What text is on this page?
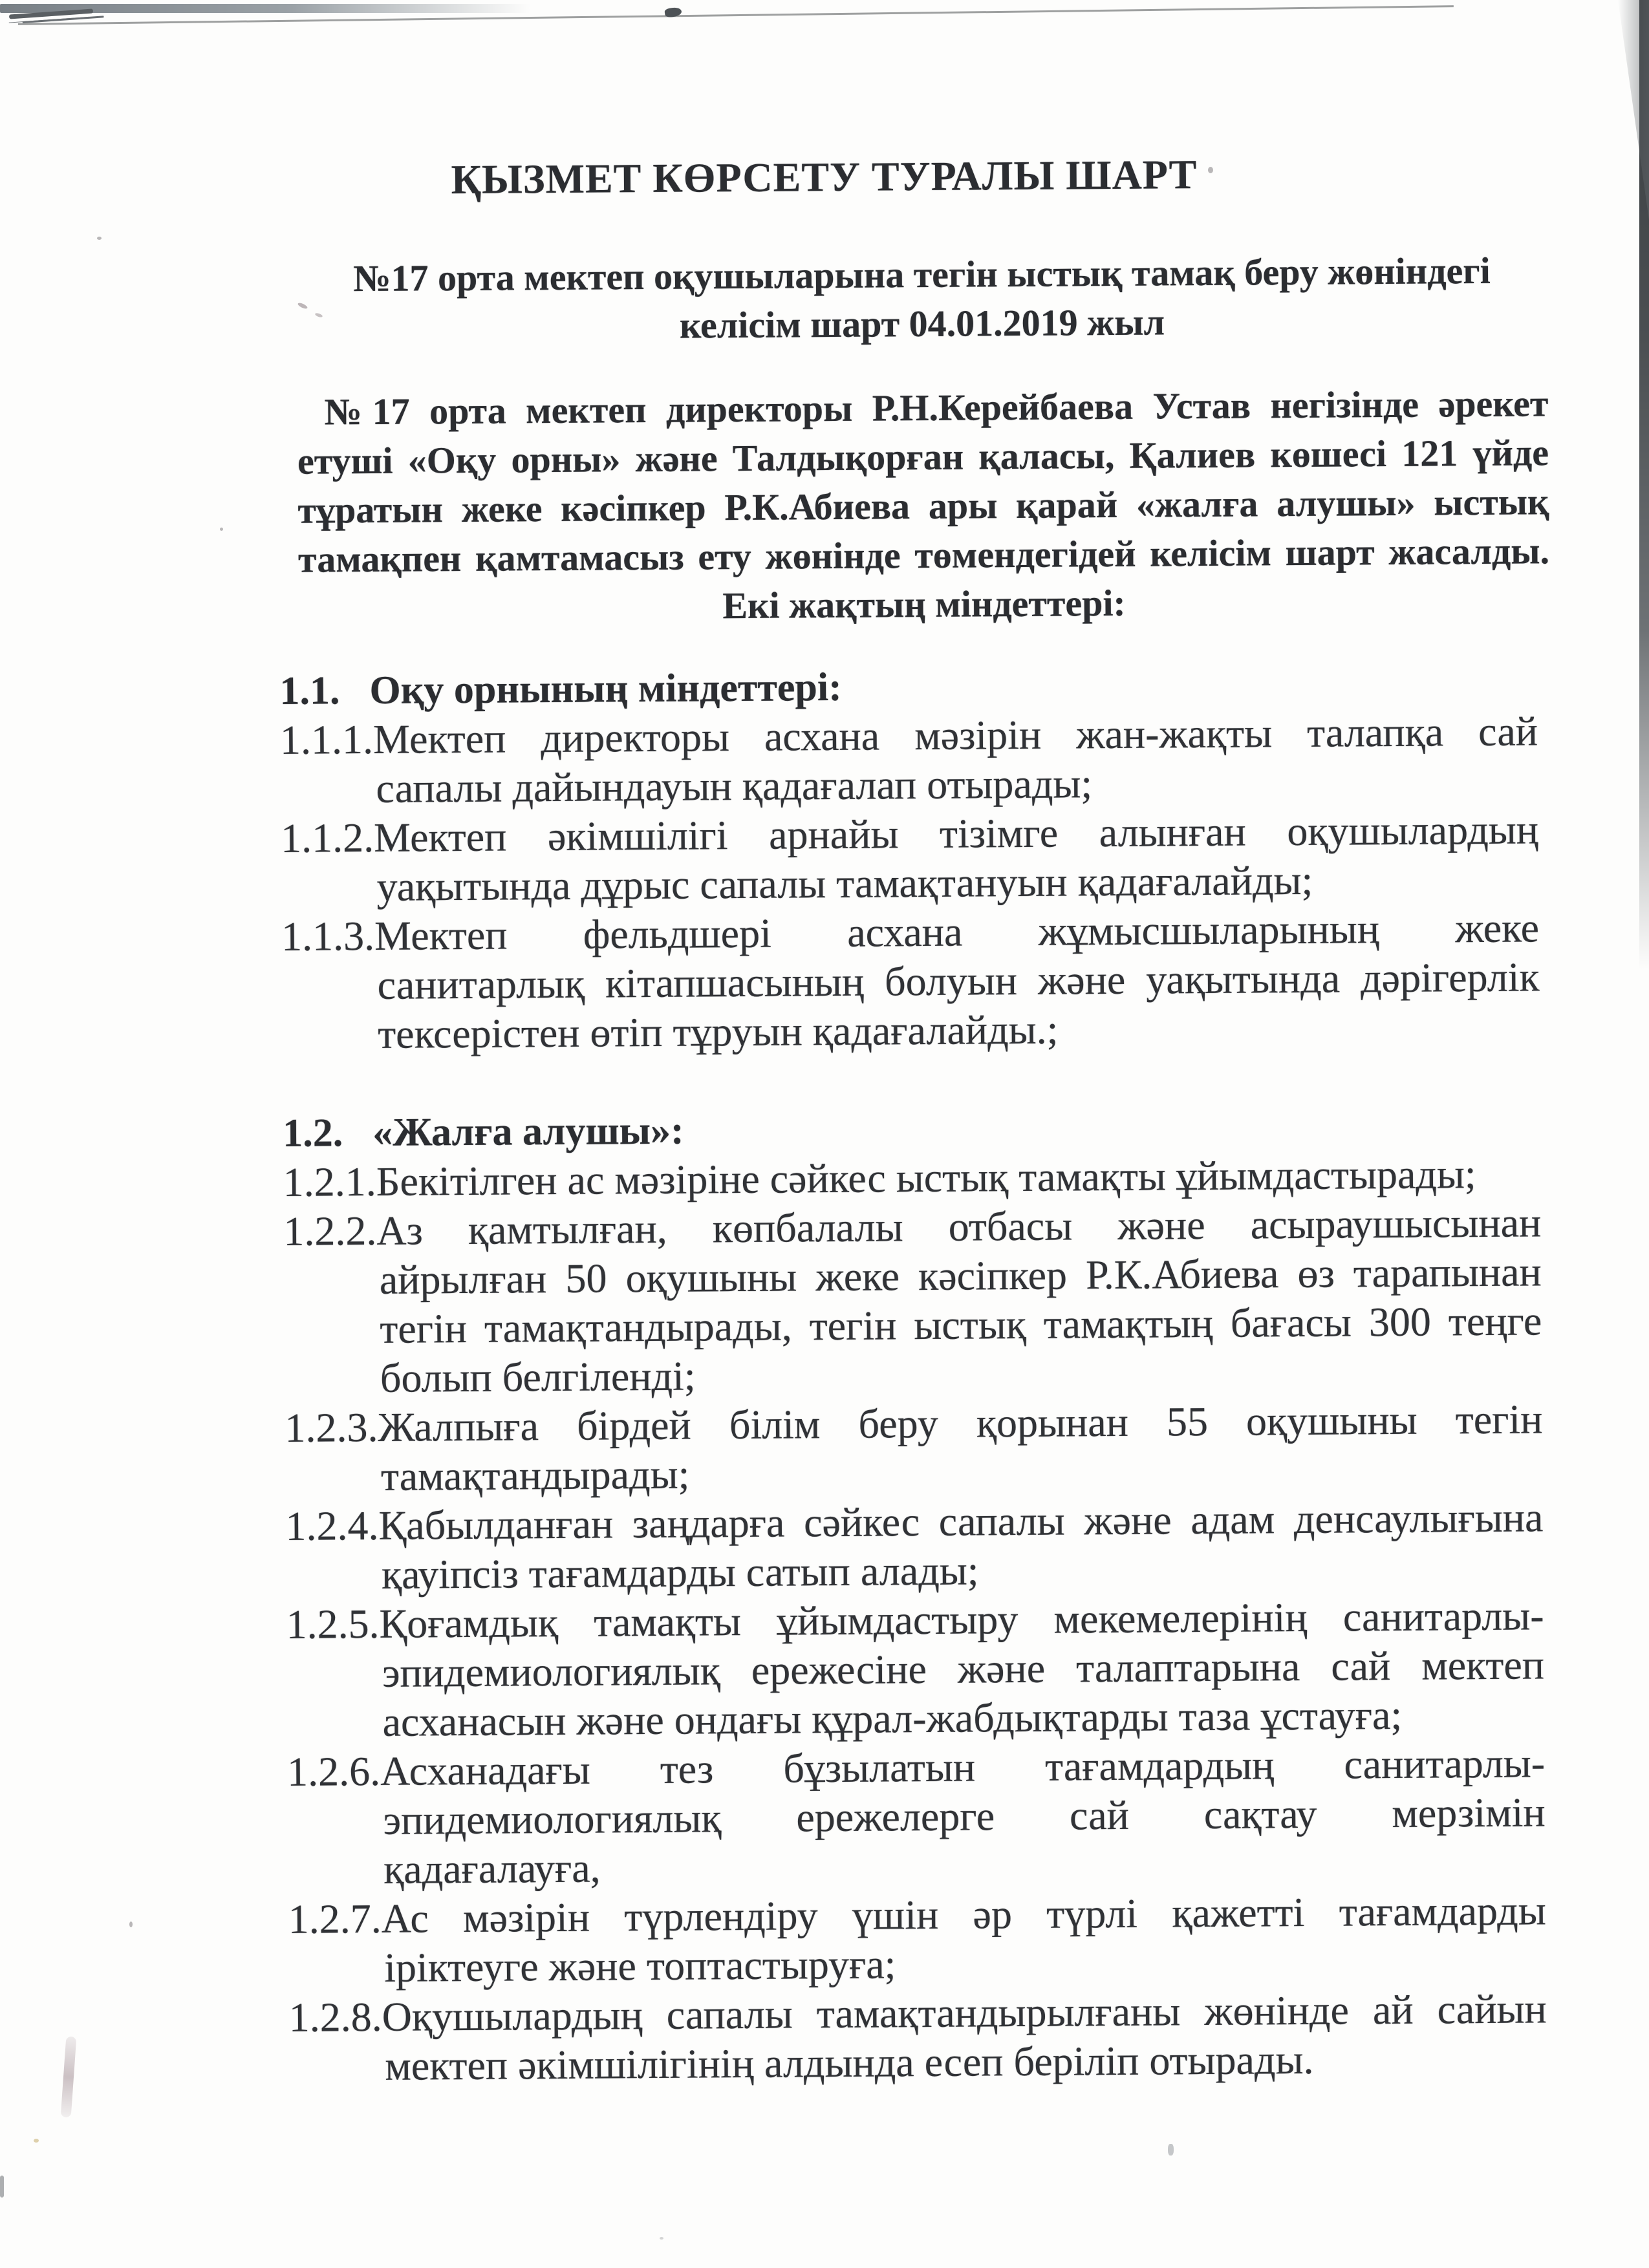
ҚЫЗМЕТ КӨРСЕТУ ТУРАЛЫ ШАРТ
№17 орта мектеп оқушыларына тегін ыстық тамақ беру жөніндегі
келісім шарт 04.01.2019 жыл
№17 орта мектеп директоры Р.Н.Керейбаева Устав негізінде әрекет
етуші «Оқу орны» және Талдықорған қаласы, Қалиев көшесі 121 үйде
тұратын жеке кәсіпкер Р.К.Абиева ары қарай «жалға алушы» ыстық
тамақпен қамтамасыз ету жөнінде төмендегідей келісім шарт жасалды.
Екі жақтың міндеттері:
1.1. Оқу орнының міндеттері:
1.1.1.Мектеп директоры асхана мәзірін жан-жақты талапқа сай
сапалы дайындауын қадағалап отырады;
1.1.2.Мектеп әкімшілігі арнайы тізімге алынған оқушылардың
уақытында дұрыс сапалы тамақтануын қадағалайды;
1.1.3.Мектеп фельдшері асхана жұмысшыларының жеке
санитарлық кітапшасының болуын және уақытында дәрігерлік
тексерістен өтіп тұруын қадағалайды.;
1.2. «Жалға алушы»:
1.2.1.Бекітілген ас мәзіріне сәйкес ыстық тамақты ұйымдастырады;
1.2.2.Аз қамтылған, көпбалалы отбасы және асыраушысынан
айрылған 50 оқушыны жеке кәсіпкер Р.К.Абиева өз тарапынан
тегін тамақтандырады, тегін ыстық тамақтың бағасы 300 теңге
болып белгіленді;
1.2.3.Жалпыға бірдей білім беру қорынан 55 оқушыны тегін
тамақтандырады;
1.2.4.Қабылданған заңдарға сәйкес сапалы және адам денсаулығына
қауіпсіз тағамдарды сатып алады;
1.2.5.Қоғамдық тамақты ұйымдастыру мекемелерінің санитарлы-
эпидемиологиялық ережесіне және талаптарына сай мектеп
асханасын және ондағы құрал-жабдықтарды таза ұстауға;
1.2.6.Асханадағы тез бұзылатын тағамдардың санитарлы-
эпидемиологиялық ережелерге сай сақтау мерзімін
қадағалауға,
1.2.7.Ас мәзірін түрлендіру үшін әр түрлі қажетті тағамдарды
іріктеуге және топтастыруға;
1.2.8.Оқушылардың сапалы тамақтандырылғаны жөнінде ай сайын
мектеп әкімшілігінің алдында есеп беріліп отырады.
